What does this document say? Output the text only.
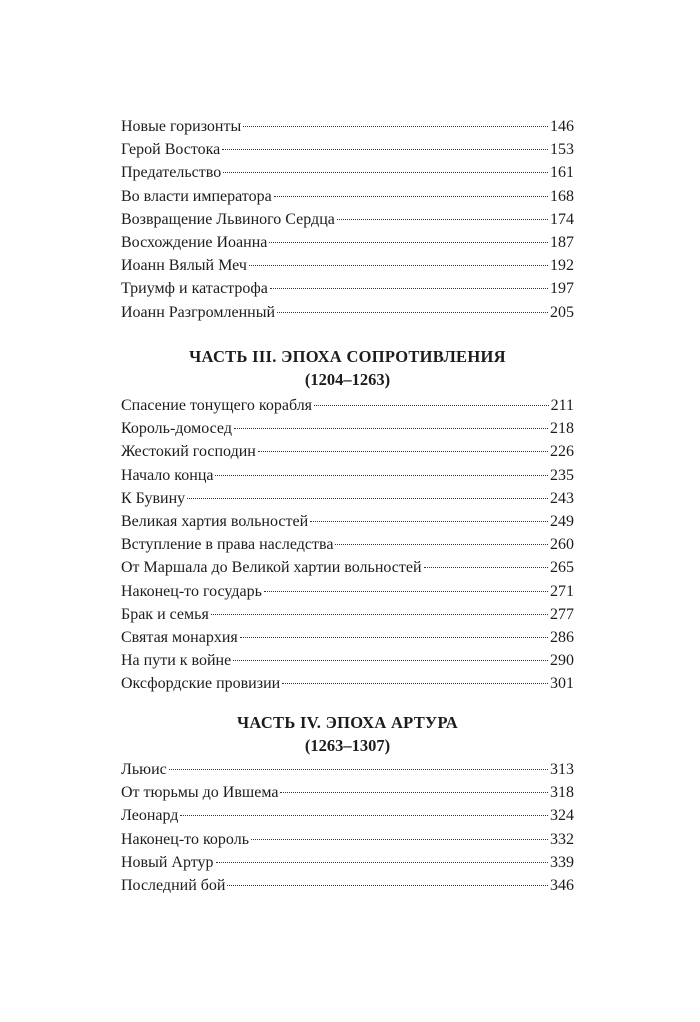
Новые горизонты	146
Герой Востока	153
Предательство	161
Во власти императора	168
Возвращение Львиного Сердца	174
Восхождение Иоанна	187
Иоанн Вялый Меч	192
Триумф и катастрофа	197
Иоанн Разгромленный	205
ЧАСТЬ III. ЭПОХА СОПРОТИВЛЕНИЯ
(1204–1263)
Спасение тонущего корабля	211
Король-домосед	218
Жестокий господин	226
Начало конца	235
К Бувину	243
Великая хартия вольностей	249
Вступление в права наследства	260
От Маршала до Великой хартии вольностей	265
Наконец-то государь	271
Брак и семья	277
Святая монархия	286
На пути к войне	290
Оксфордские провизии	301
ЧАСТЬ IV. ЭПОХА АРТУРА
(1263–1307)
Льюис	313
От тюрьмы до Ившема	318
Леонард	324
Наконец-то король	332
Новый Артур	339
Последний бой	346
